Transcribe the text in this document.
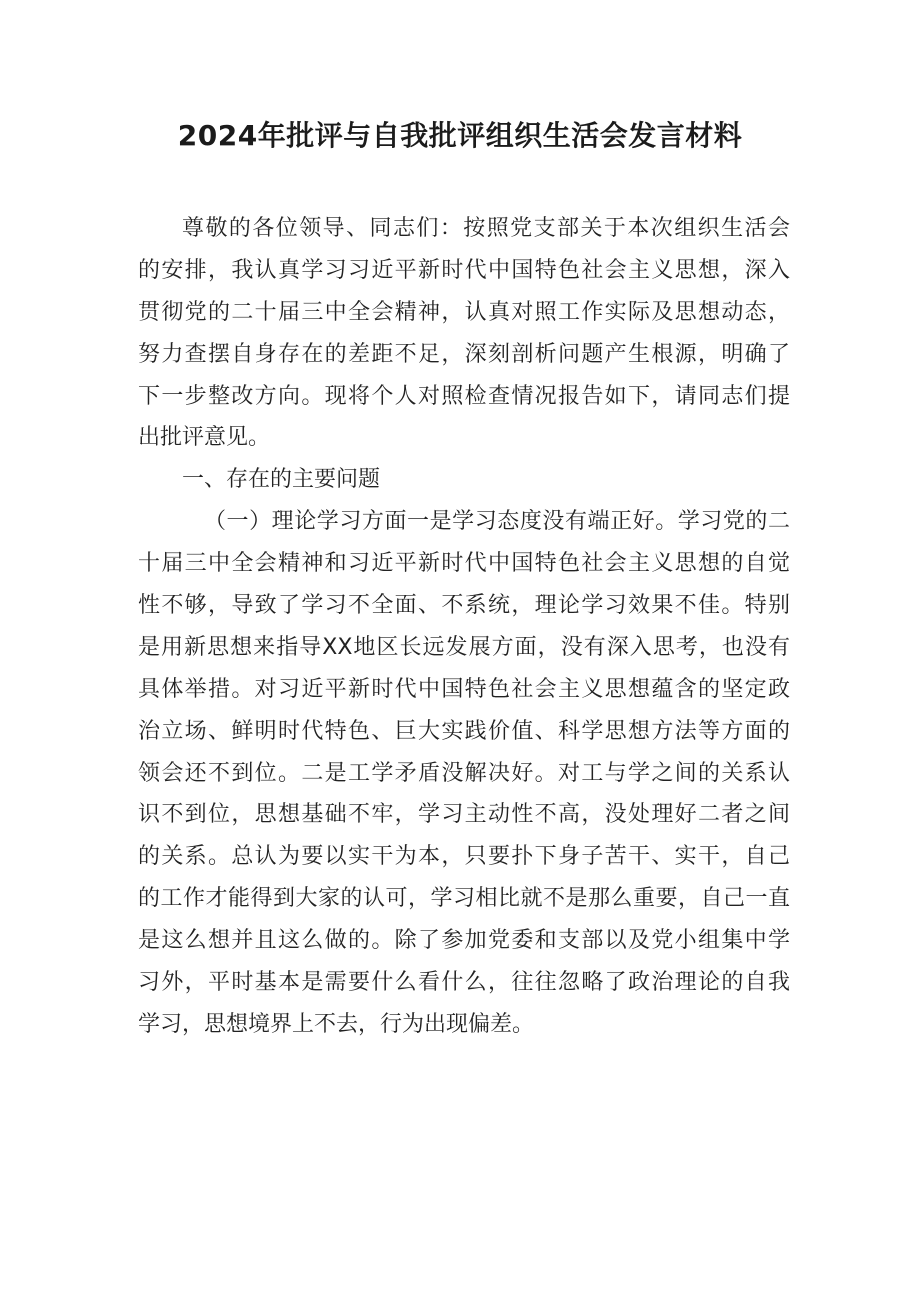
2024年批评与自我批评组织生活会发言材料
尊敬的各位领导、同志们：按照党支部关于本次组织生活会
的安排，我认真学习习近平新时代中国特色社会主义思想，深入
贯彻党的二十届三中全会精神，认真对照工作实际及思想动态，
努力查摆自身存在的差距不足，深刻剖析问题产生根源，明确了
下一步整改方向。现将个人对照检查情况报告如下，请同志们提
出批评意见。
一、存在的主要问题
（一）理论学习方面一是学习态度没有端正好。学习党的二
十届三中全会精神和习近平新时代中国特色社会主义思想的自觉
性不够，导致了学习不全面、不系统，理论学习效果不佳。特别
是用新思想来指导XX地区长远发展方面，没有深入思考，也没有
具体举措。对习近平新时代中国特色社会主义思想蕴含的坚定政
治立场、鲜明时代特色、巨大实践价值、科学思想方法等方面的
领会还不到位。二是工学矛盾没解决好。对工与学之间的关系认
识不到位，思想基础不牢，学习主动性不高，没处理好二者之间
的关系。总认为要以实干为本，只要扑下身子苦干、实干，自己
的工作才能得到大家的认可，学习相比就不是那么重要，自己一直
是这么想并且这么做的。除了参加党委和支部以及党小组集中学
习外，平时基本是需要什么看什么，往往忽略了政治理论的自我
学习，思想境界上不去，行为出现偏差。
